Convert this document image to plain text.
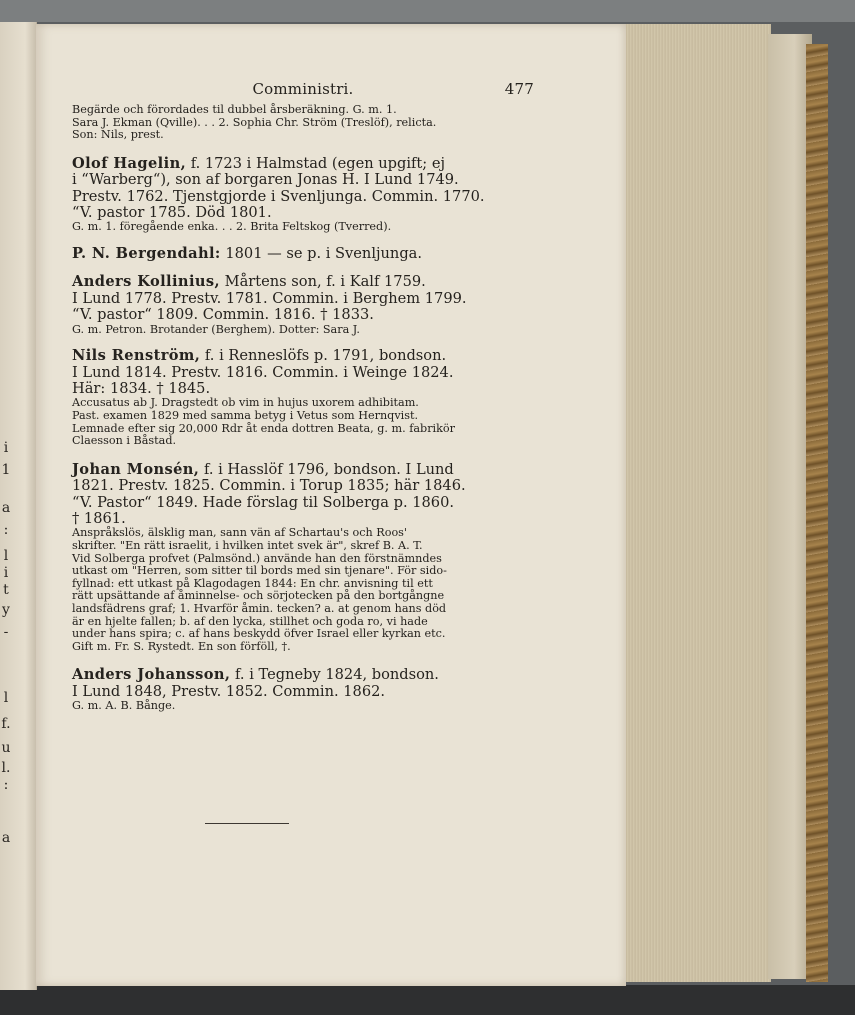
i
1
a
:
l
i
t
y
-
l
f.
u
l.
:
a
Comministri.	477

Begärde och förordades til dubbel årsberäkning. G. m. 1.

Sara J. Ekman (Qville). . . 2. Sophia Chr. Ström (Treslöf), relicta.

Son: Nils, prest.

Olof Hagelin, f. 1723 i Halmstad (egen upgift; ej

i “Warberg“), son af borgaren Jonas H. I Lund 1749.

Prestv. 1762. Tjenstgjorde i Svenljunga. Commin. 1770.

“V. pastor 1785. Död 1801.

G. m. 1. föregående enka. . . 2. Brita Feltskog (Tverred).

P. N. Bergendahl: 1801 — se p. i Svenljunga.

Anders Kollinius, Mårtens son, f. i Kalf 1759.

I Lund 1778. Prestv. 1781. Commin. i Berghem 1799.

“V. pastor“ 1809. Commin. 1816. † 1833.

G. m. Petron. Brotander (Berghem). Dotter: Sara J.

Nils Renström, f. i Renneslöfs p. 1791, bondson.

I Lund 1814. Prestv. 1816. Commin. i Weinge 1824.

Här: 1834. † 1845.

Accusatus ab J. Dragstedt ob vim in hujus uxorem adhibitam.

Past. examen 1829 med samma betyg i Vetus som Hernqvist.

Lemnade efter sig 20,000 Rdr åt enda dottren Beata, g. m. fabrikör

Claesson i Båstad.

Johan Monsén, f. i Hasslöf 1796, bondson. I Lund

1821. Prestv. 1825. Commin. i Torup 1835; här 1846.

“V. Pastor“ 1849. Hade förslag til Solberga p. 1860.

† 1861.

Anspråkslös, älsklig man, sann vän af Schartau's och Roos'

skrifter. "En rätt israelit, i hvilken intet svek är", skref B. A. T.

Vid Solberga profvet (Palmsönd.) använde han den förstnämndes

utkast om "Herren, som sitter til bords med sin tjenare". För sido-

fyllnad: ett utkast på Klagodagen 1844: En chr. anvisning til ett

rätt upsättande af åminnelse- och sörjotecken på den bortgångne

landsfädrens graf; 1. Hvarför åmin. tecken? a. at genom hans död

är en hjelte fallen; b. af den lycka, stillhet och goda ro, vi hade

under hans spira; c. af hans beskydd öfver Israel eller kyrkan etc.

Gift m. Fr. S. Rystedt. En son förföll, †.

Anders Johansson, f. i Tegneby 1824, bondson.

I Lund 1848, Prestv. 1852. Commin. 1862.

G. m. A. B. Bånge.
